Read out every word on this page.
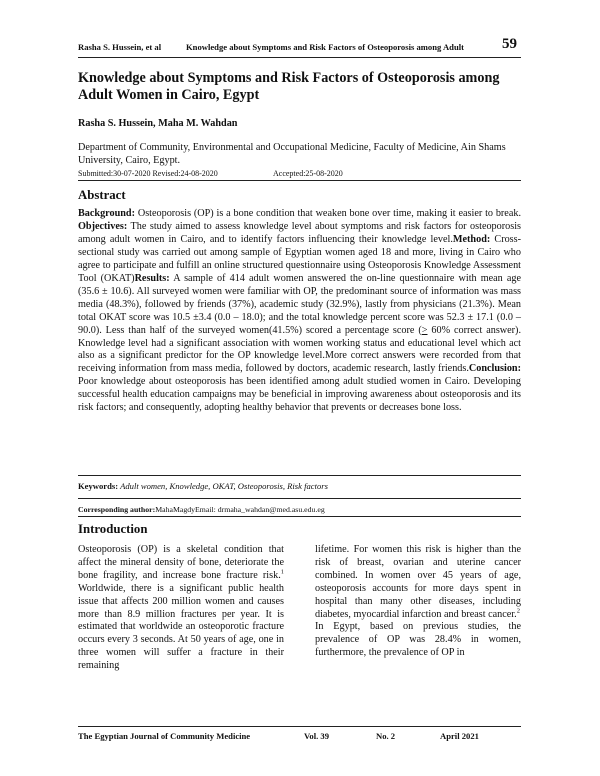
Rasha S. Hussein, et al	Knowledge about Symptoms and Risk Factors of Osteoporosis among Adult	59
Knowledge about Symptoms and Risk Factors of Osteoporosis among Adult Women in Cairo, Egypt
Rasha S. Hussein, Maha M. Wahdan
Department of Community, Environmental and Occupational Medicine, Faculty of Medicine, Ain Shams University, Cairo, Egypt.
Submitted:30-07-2020 Revised:24-08-2020	Accepted:25-08-2020
Abstract

Background: Osteoporosis (OP) is a bone condition that weaken bone over time, making it easier to break. Objectives: The study aimed to assess knowledge level about symptoms and risk factors for osteoporosis among adult women in Cairo, and to identify factors influencing their knowledge level.Method: Cross-sectional study was carried out among sample of Egyptian women aged 18 and more, living in Cairo who agree to participate and fulfill an online structured questionnaire using Osteoporosis Knowledge Assessment Tool (OKAT)Results: A sample of 414 adult women answered the on-line questionnaire with mean age (35.6 ± 10.6). All surveyed women were familiar with OP, the predominant source of information was mass media (48.3%), followed by friends (37%), academic study (32.9%), lastly from physicians (21.3%). Mean total OKAT score was 10.5 ±3.4 (0.0 – 18.0); and the total knowledge percent score was 52.3 ± 17.1 (0.0 – 90.0). Less than half of the surveyed women(41.5%) scored a percentage score (≥ 60% correct answer). Knowledge level had a significant association with women working status and educational level which act also as a significant predictor for the OP knowledge level.More correct answers were recorded from that receiving information from mass media, followed by doctors, academic research, lastly friends.Conclusion: Poor knowledge about osteoporosis has been identified among adult studied women in Cairo. Developing successful health education campaigns may be beneficial in improving awareness about osteoporosis and its risk factors; and consequently, adopting healthy behavior that prevents or decreases bone loss.

Keywords: Adult women, Knowledge, OKAT, Osteoporosis, Risk factors
Corresponding author:MahaMagdyEmail: drmaha_wahdan@med.asu.edu.eg
Introduction

Osteoporosis (OP) is a skeletal condition that affect the mineral density of bone, deteriorate the bone fragility, and increase bone fracture risk.$^1$ Worldwide, there is a significant public health issue that affects 200 million women and causes more than 8.9 million fractures per year. It is estimated that worldwide an osteoporotic fracture occurs every 3 seconds. At 50 years of age, one in three women will suffer a fracture in their remaining

lifetime. For women this risk is higher than the risk of breast, ovarian and uterine cancer combined. In women over 45 years of age, osteoporosis accounts for more days spent in hospital than many other diseases, including diabetes, myocardial infarction and breast cancer.$^2$

In Egypt, based on previous studies, the prevalence of OP was 28.4% in women, furthermore, the prevalence of OP in

The Egyptian Journal of Community Medicine	Vol. 39	No. 2	April 2021
